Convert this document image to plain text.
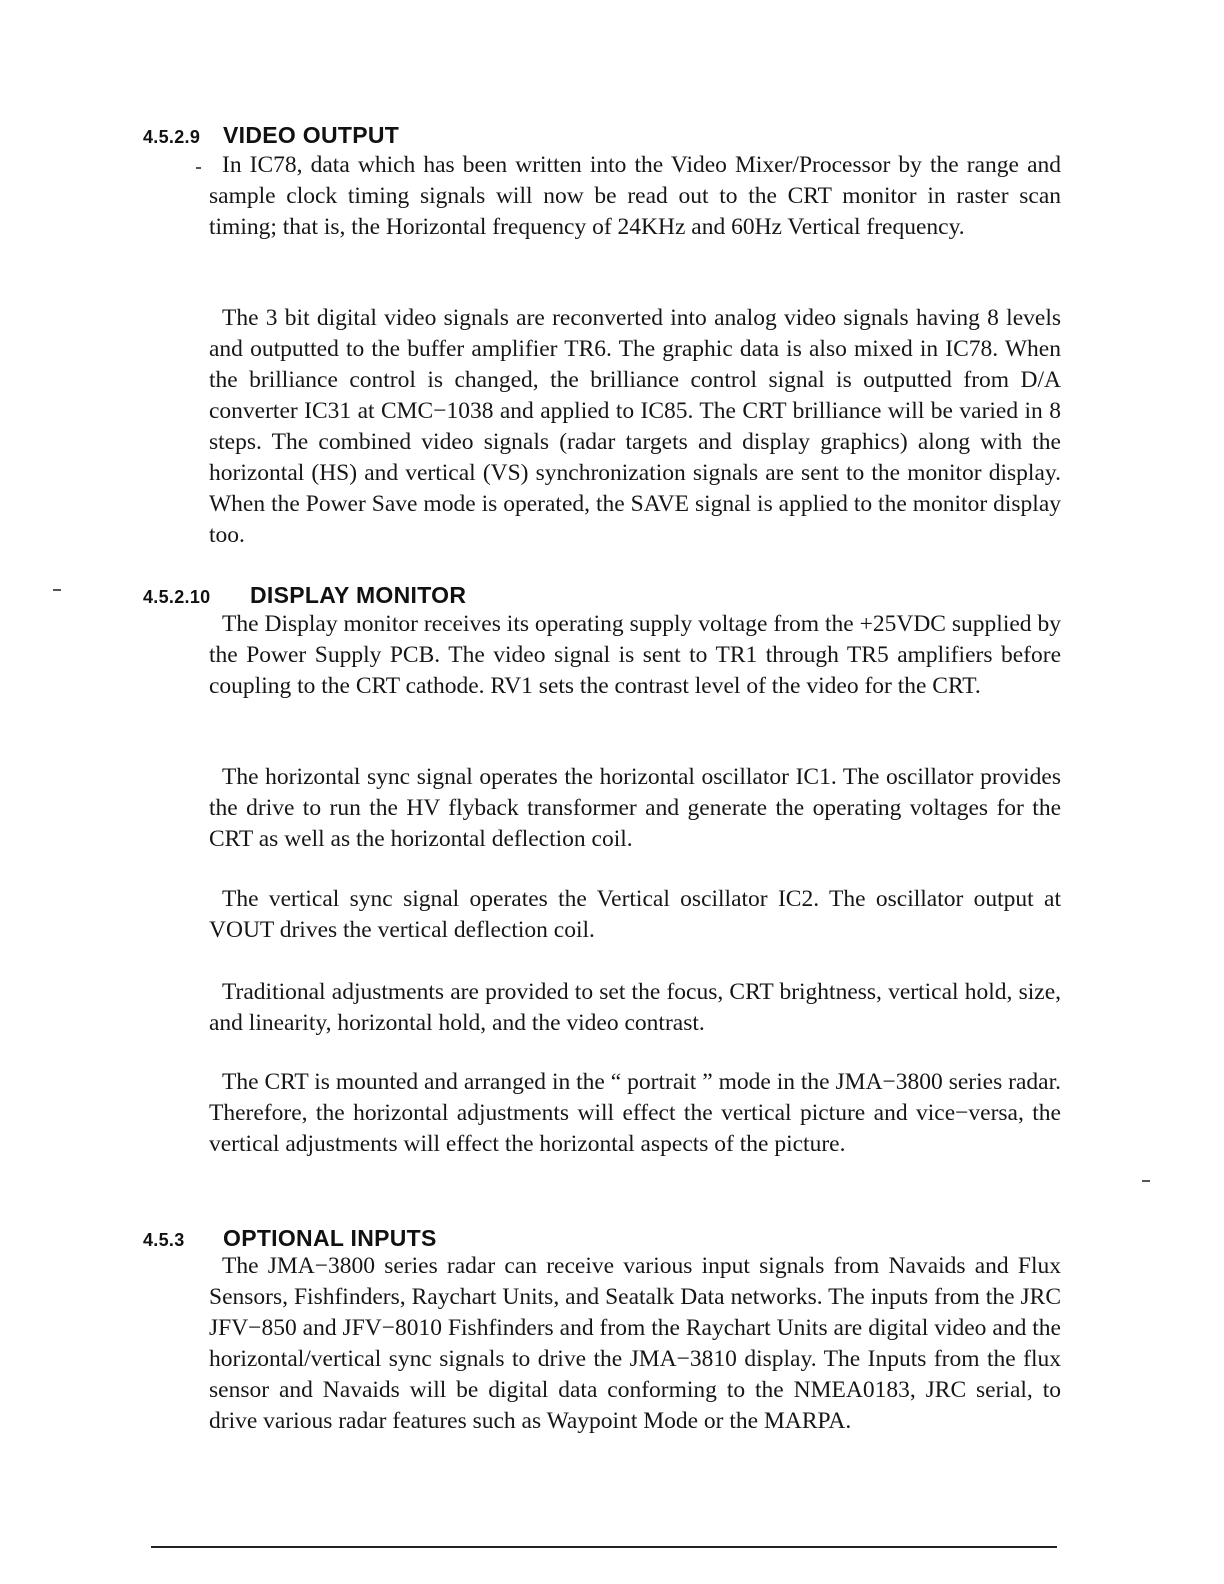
4.5.2.9 VIDEO OUTPUT

In IC78, data which has been written into the Video Mixer/Processor by the range and sample clock timing signals will now be read out to the CRT monitor in raster scan timing; that is, the Horizontal frequency of 24KHz and 60Hz Vertical frequency.

The 3 bit digital video signals are reconverted into analog video signals having 8 levels and outputted to the buffer amplifier TR6. The graphic data is also mixed in IC78. When the brilliance control is changed, the brilliance control signal is outputted from D/A converter IC31 at CMC−1038 and applied to IC85. The CRT brilliance will be varied in 8 steps. The combined video signals (radar targets and display graphics) along with the horizontal (HS) and vertical (VS) synchronization signals are sent to the monitor display. When the Power Save mode is operated, the SAVE signal is applied to the monitor display too.

4.5.2.10 DISPLAY MONITOR

The Display monitor receives its operating supply voltage from the +25VDC supplied by the Power Supply PCB. The video signal is sent to TR1 through TR5 amplifiers before coupling to the CRT cathode. RV1 sets the contrast level of the video for the CRT.

The horizontal sync signal operates the horizontal oscillator IC1. The oscillator provides the drive to run the HV flyback transformer and generate the operating voltages for the CRT as well as the horizontal deflection coil.

The vertical sync signal operates the Vertical oscillator IC2. The oscillator output at VOUT drives the vertical deflection coil.

Traditional adjustments are provided to set the focus, CRT brightness, vertical hold, size, and linearity, horizontal hold, and the video contrast.

The CRT is mounted and arranged in the “ portrait ” mode in the JMA−3800 series radar. Therefore, the horizontal adjustments will effect the vertical picture and vice−versa, the vertical adjustments will effect the horizontal aspects of the picture.

4.5.3 OPTIONAL INPUTS

The JMA−3800 series radar can receive various input signals from Navaids and Flux Sensors, Fishfinders, Raychart Units, and Seatalk Data networks. The inputs from the JRC JFV−850 and JFV−8010 Fishfinders and from the Raychart Units are digital video and the horizontal/vertical sync signals to drive the JMA−3810 display. The Inputs from the flux sensor and Navaids will be digital data conforming to the NMEA0183, JRC serial, to drive various radar features such as Waypoint Mode or the MARPA.
